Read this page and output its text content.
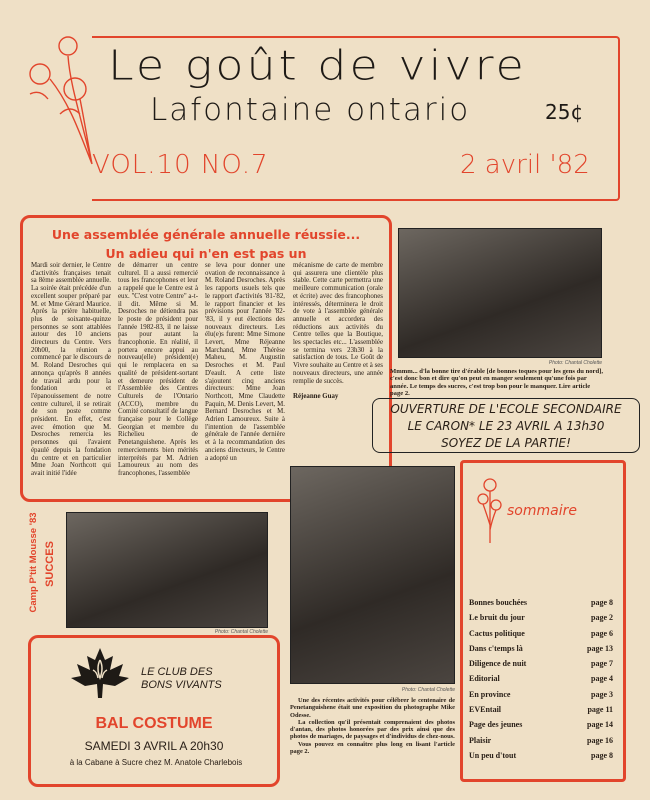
Le goût de vivre
Lafontaine ontario	25¢
VOL.10 NO.7	2 avril '82
Une assemblée générale annuelle réussie...
Un adieu qui n'en est pas un
Mardi soir dernier, le Centre d'activités françaises tenait sa 8ème assemblée annuelle. La soirée était précédée d'un excellent souper préparé par M. et Mme Gérard Maurice. Après la prière habituelle, plus de soixante-quinze personnes se sont attablées autour des 10 anciens directeurs du Centre. Vers 20h00, la réunion a commencé par le discours de M. Roland Desroches qui annonça qu'après 8 années de travail ardu pour la fondation et l'épanouissement de notre centre culturel, il se retirait de son poste comme président. En effet, c'est avec émotion que M. Desroches remercia les personnes qui l'avaient épaulé depuis la fondation du centre et en particulier Mme Joan Northcott qui avait initié l'idée
de démarrer un centre culturel. Il a aussi remercié tous les francophones et leur a rappelé que le Centre est à eux. "C'est votre Centre" a-t-il dit. Même si M. Desroches ne détiendra pas le poste de président pour l'année 1982-83, il ne laisse pas pour autant la francophonie. En réalité, il portera encore appui au nouveau(elle) président(e) qui le remplacera en sa qualité de président-sortant et demeure président de l'Assemblée des Centres Culturels de l'Ontario (ACCO), membre du Comité consultatif de langue française pour le Collège Georgian et membre du Richelieu de Penetanguishene. Après les remerciements bien mérités interprétés par M. Adrien Lamoureux au nom des francophones, l'assemblée
se leva pour donner une ovation de reconnaissance à M. Roland Desroches. Après les rapports usuels tels que le rapport d'activités '81-'82, le rapport financier et les prévisions pour l'année '82-'83, il y eut élections des nouveaux directeurs. Les élu(e)s furent: Mme Simone Levert, Mme Réjeanne Marchand, Mme Thérèse Maheu, M. Augustin Desroches et M. Paul D'eault. A cette liste s'ajoutent cinq anciens directeurs: Mme Joan Northcott, Mme Claudette Paquin, M. Denis Levert, M. Bernard Desroches et M. Adrien Lamoureux. Suite à l'intention de l'assemblée générale de l'année dernière et à la recommandation des anciens directeurs, le Centre a adopté un
mécanisme de carte de membre qui assurera une clientèle plus stable. Cette carte permettra une meilleure communication (orale et écrite) avec des francophones intéressés, déterminera le droit de vote à l'assemblée générale annuelle et accordera des réductions aux activités du Centre telles que la Boutique, les spectacles etc... L'assemblée se termina vers 23h30 à la satisfaction de tous. Le Goût de Vivre souhaite au Centre et à ses nouveaux directeurs, une année remplie de succès.

Réjeanne Guay
Photo: Chantal Cholette
Mmmm... d'la bonne tire d'érable [de bonnes toques pour les gens du nord], c'est donc bon et dire qu'on peut en manger seulement qu'une fois par année. Le temps des sucres, c'est trop bon pour le manquer. Lire article page 2.
OUVERTURE DE L'ECOLE SECONDAIRE
LE CARON* LE 23 AVRIL A 13h30
SOYEZ DE LA PARTIE!
Camp P'tit Mousse '83 SUCCES
Photo: Chantal Cholette
LE CLUB DES
BONS VIVANTS
BAL COSTUME
SAMEDI 3 AVRIL A 20h30
à la Cabane à Sucre chez M. Anatole Charlebois
Photo: Chantal Cholette
Une des récentes activités pour célébrer le centenaire de Penetanguishene était une exposition du photographe Mike Odesse.
La collection qu'il présentait comprenaient des photos d'antan, des photos honorées par des prix ainsi que des photos de mariages, de paysages et d'individus de chez-nous.
Vous pouvez en connaître plus long en lisant l'article page 2.
sommaire
Bonnes bouchées	page 8
Le bruit du jour	page 2
Cactus politique	page 6
Dans c'temps là	page 13
Diligence de nuit	page 7
Editorial	page 4
En province	page 3
EVEntail	page 11
Page des jeunes	page 14
Plaisir	page 16
Un peu d'tout	page 8
